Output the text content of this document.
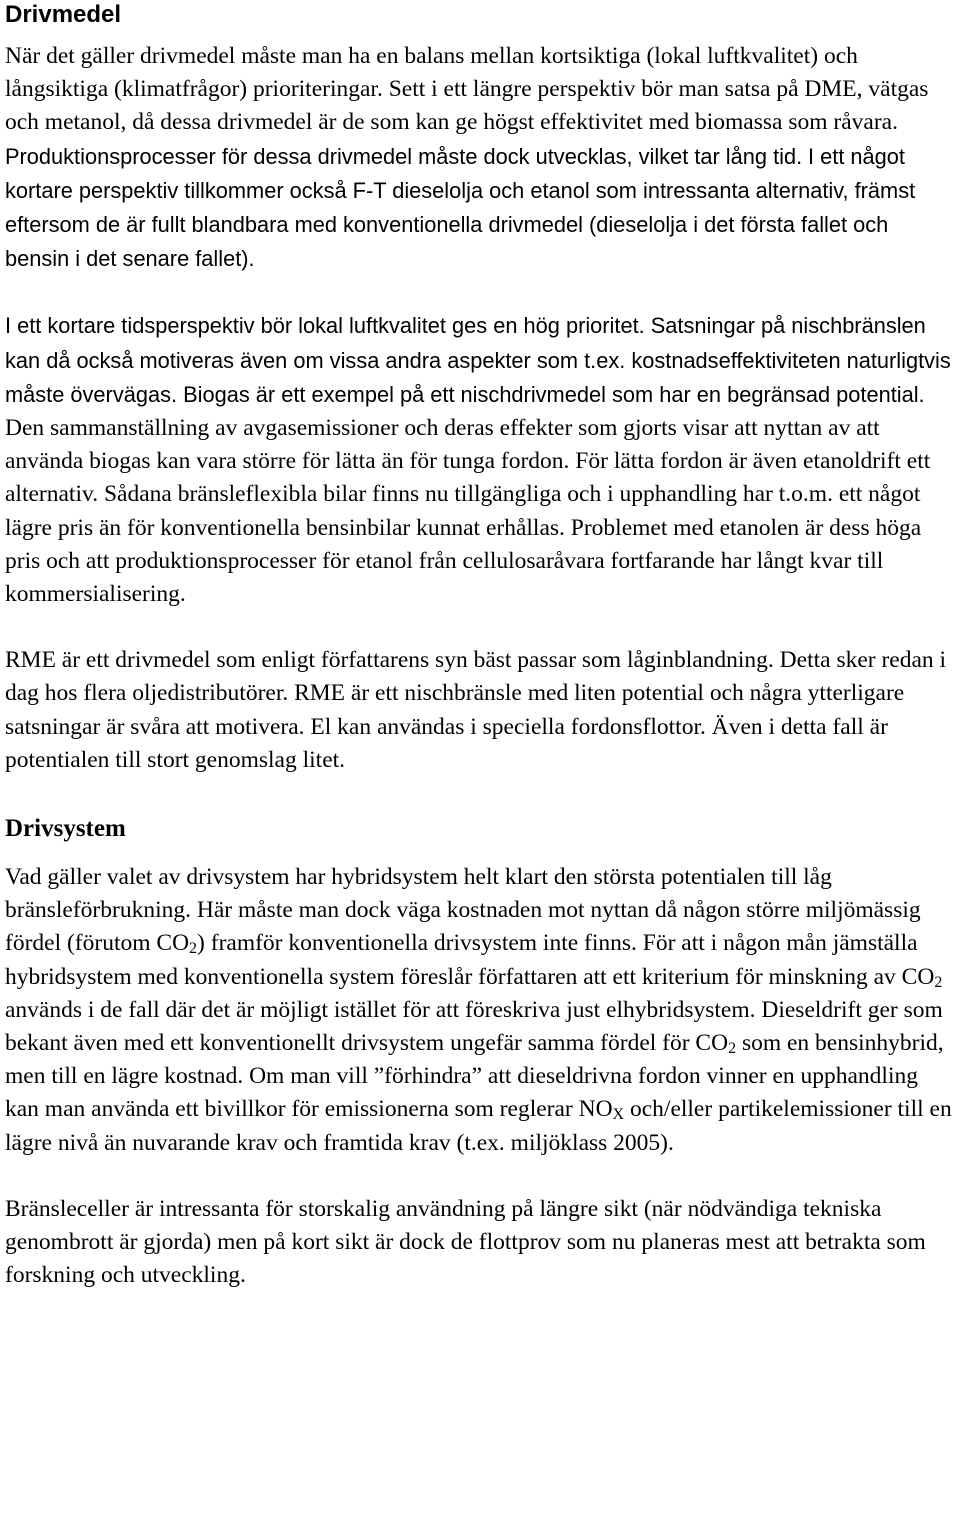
Drivmedel

När det gäller drivmedel måste man ha en balans mellan kortsiktiga (lokal luftkvalitet) och långsiktiga (klimatfrågor) prioriteringar. Sett i ett längre perspektiv bör man satsa på DME, vätgas och metanol, då dessa drivmedel är de som kan ge högst effektivitet med biomassa som råvara. Produktionsprocesser för dessa drivmedel måste dock utvecklas, vilket tar lång tid. I ett något kortare perspektiv tillkommer också F-T dieselolja och etanol som intressanta alternativ, främst eftersom de är fullt blandbara med konventionella drivmedel (dieselolja i det första fallet och bensin i det senare fallet).

I ett kortare tidsperspektiv bör lokal luftkvalitet ges en hög prioritet. Satsningar på nischbränslen kan då också motiveras även om vissa andra aspekter som t.ex. kostnadseffektiviteten naturligtvis måste övervägas. Biogas är ett exempel på ett nischdrivmedel som har en begränsad potential. Den sammanställning av avgasemissioner och deras effekter som gjorts visar att nyttan av att använda biogas kan vara större för lätta än för tunga fordon. För lätta fordon är även etanoldrift ett alternativ. Sådana bränsleflexibla bilar finns nu tillgängliga och i upphandling har t.o.m. ett något lägre pris än för konventionella bensinbilar kunnat erhållas. Problemet med etanolen är dess höga pris och att produktionsprocesser för etanol från cellulosaråvara fortfarande har långt kvar till kommersialisering.

RME är ett drivmedel som enligt författarens syn bäst passar som låginblandning. Detta sker redan i dag hos flera oljedistributörer. RME är ett nischbränsle med liten potential och några ytterligare satsningar är svåra att motivera. El kan användas i speciella fordonsflottor. Även i detta fall är potentialen till stort genomslag litet.

Drivsystem

Vad gäller valet av drivsystem har hybridsystem helt klart den största potentialen till låg bränsleförbrukning. Här måste man dock väga kostnaden mot nyttan då någon större miljömässig fördel (förutom $CO_2$) framför konventionella drivsystem inte finns. För att i någon mån jämställa hybridsystem med konventionella system föreslår författaren att ett kriterium för minskning av $CO_2$ används i de fall där det är möjligt istället för att föreskriva just elhybridsystem. Dieseldrift ger som bekant även med ett konventionellt drivsystem ungefär samma fördel för $CO_2$ som en bensinhybrid, men till en lägre kostnad. Om man vill ”förhindra” att dieseldrivna fordon vinner en upphandling kan man använda ett bivillkor för emissionerna som reglerar $NO_X$ och/eller partikelemissioner till en lägre nivå än nuvarande krav och framtida krav (t.ex. miljöklass 2005).

Bränsleceller är intressanta för storskalig användning på längre sikt (när nödvändiga tekniska genombrott är gjorda) men på kort sikt är dock de flottprov som nu planeras mest att betrakta som forskning och utveckling.
